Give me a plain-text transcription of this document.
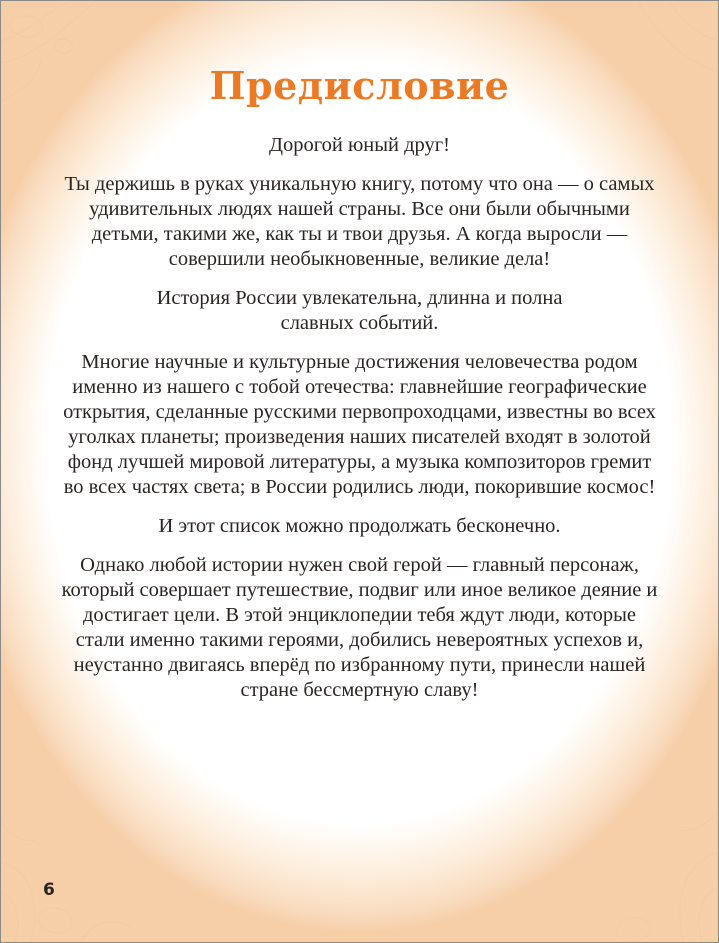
Предисловие

Дорогой юный друг!

Ты держишь в руках уникальную книгу, потому что она — о самых удивительных людях нашей страны. Все они были обычными детьми, такими же, как ты и твои друзья. А когда выросли — совершили необыкновенные, великие дела!

История России увлекательна, длинна и полна славных событий.

Многие научные и культурные достижения человечества родом именно из нашего с тобой отечества: главнейшие географические открытия, сделанные русскими первопроходцами, известны во всех уголках планеты; произведения наших писателей входят в золотой фонд лучшей мировой литературы, а музыка композиторов гремит во всех частях света; в России родились люди, покорившие космос!

И этот список можно продолжать бесконечно.

Однако любой истории нужен свой герой — главный персонаж, который совершает путешествие, подвиг или иное великое деяние и достигает цели. В этой энциклопедии тебя ждут люди, которые стали именно такими героями, добились невероятных успехов и, неустанно двигаясь вперёд по избранному пути, принесли нашей стране бессмертную славу!

6
